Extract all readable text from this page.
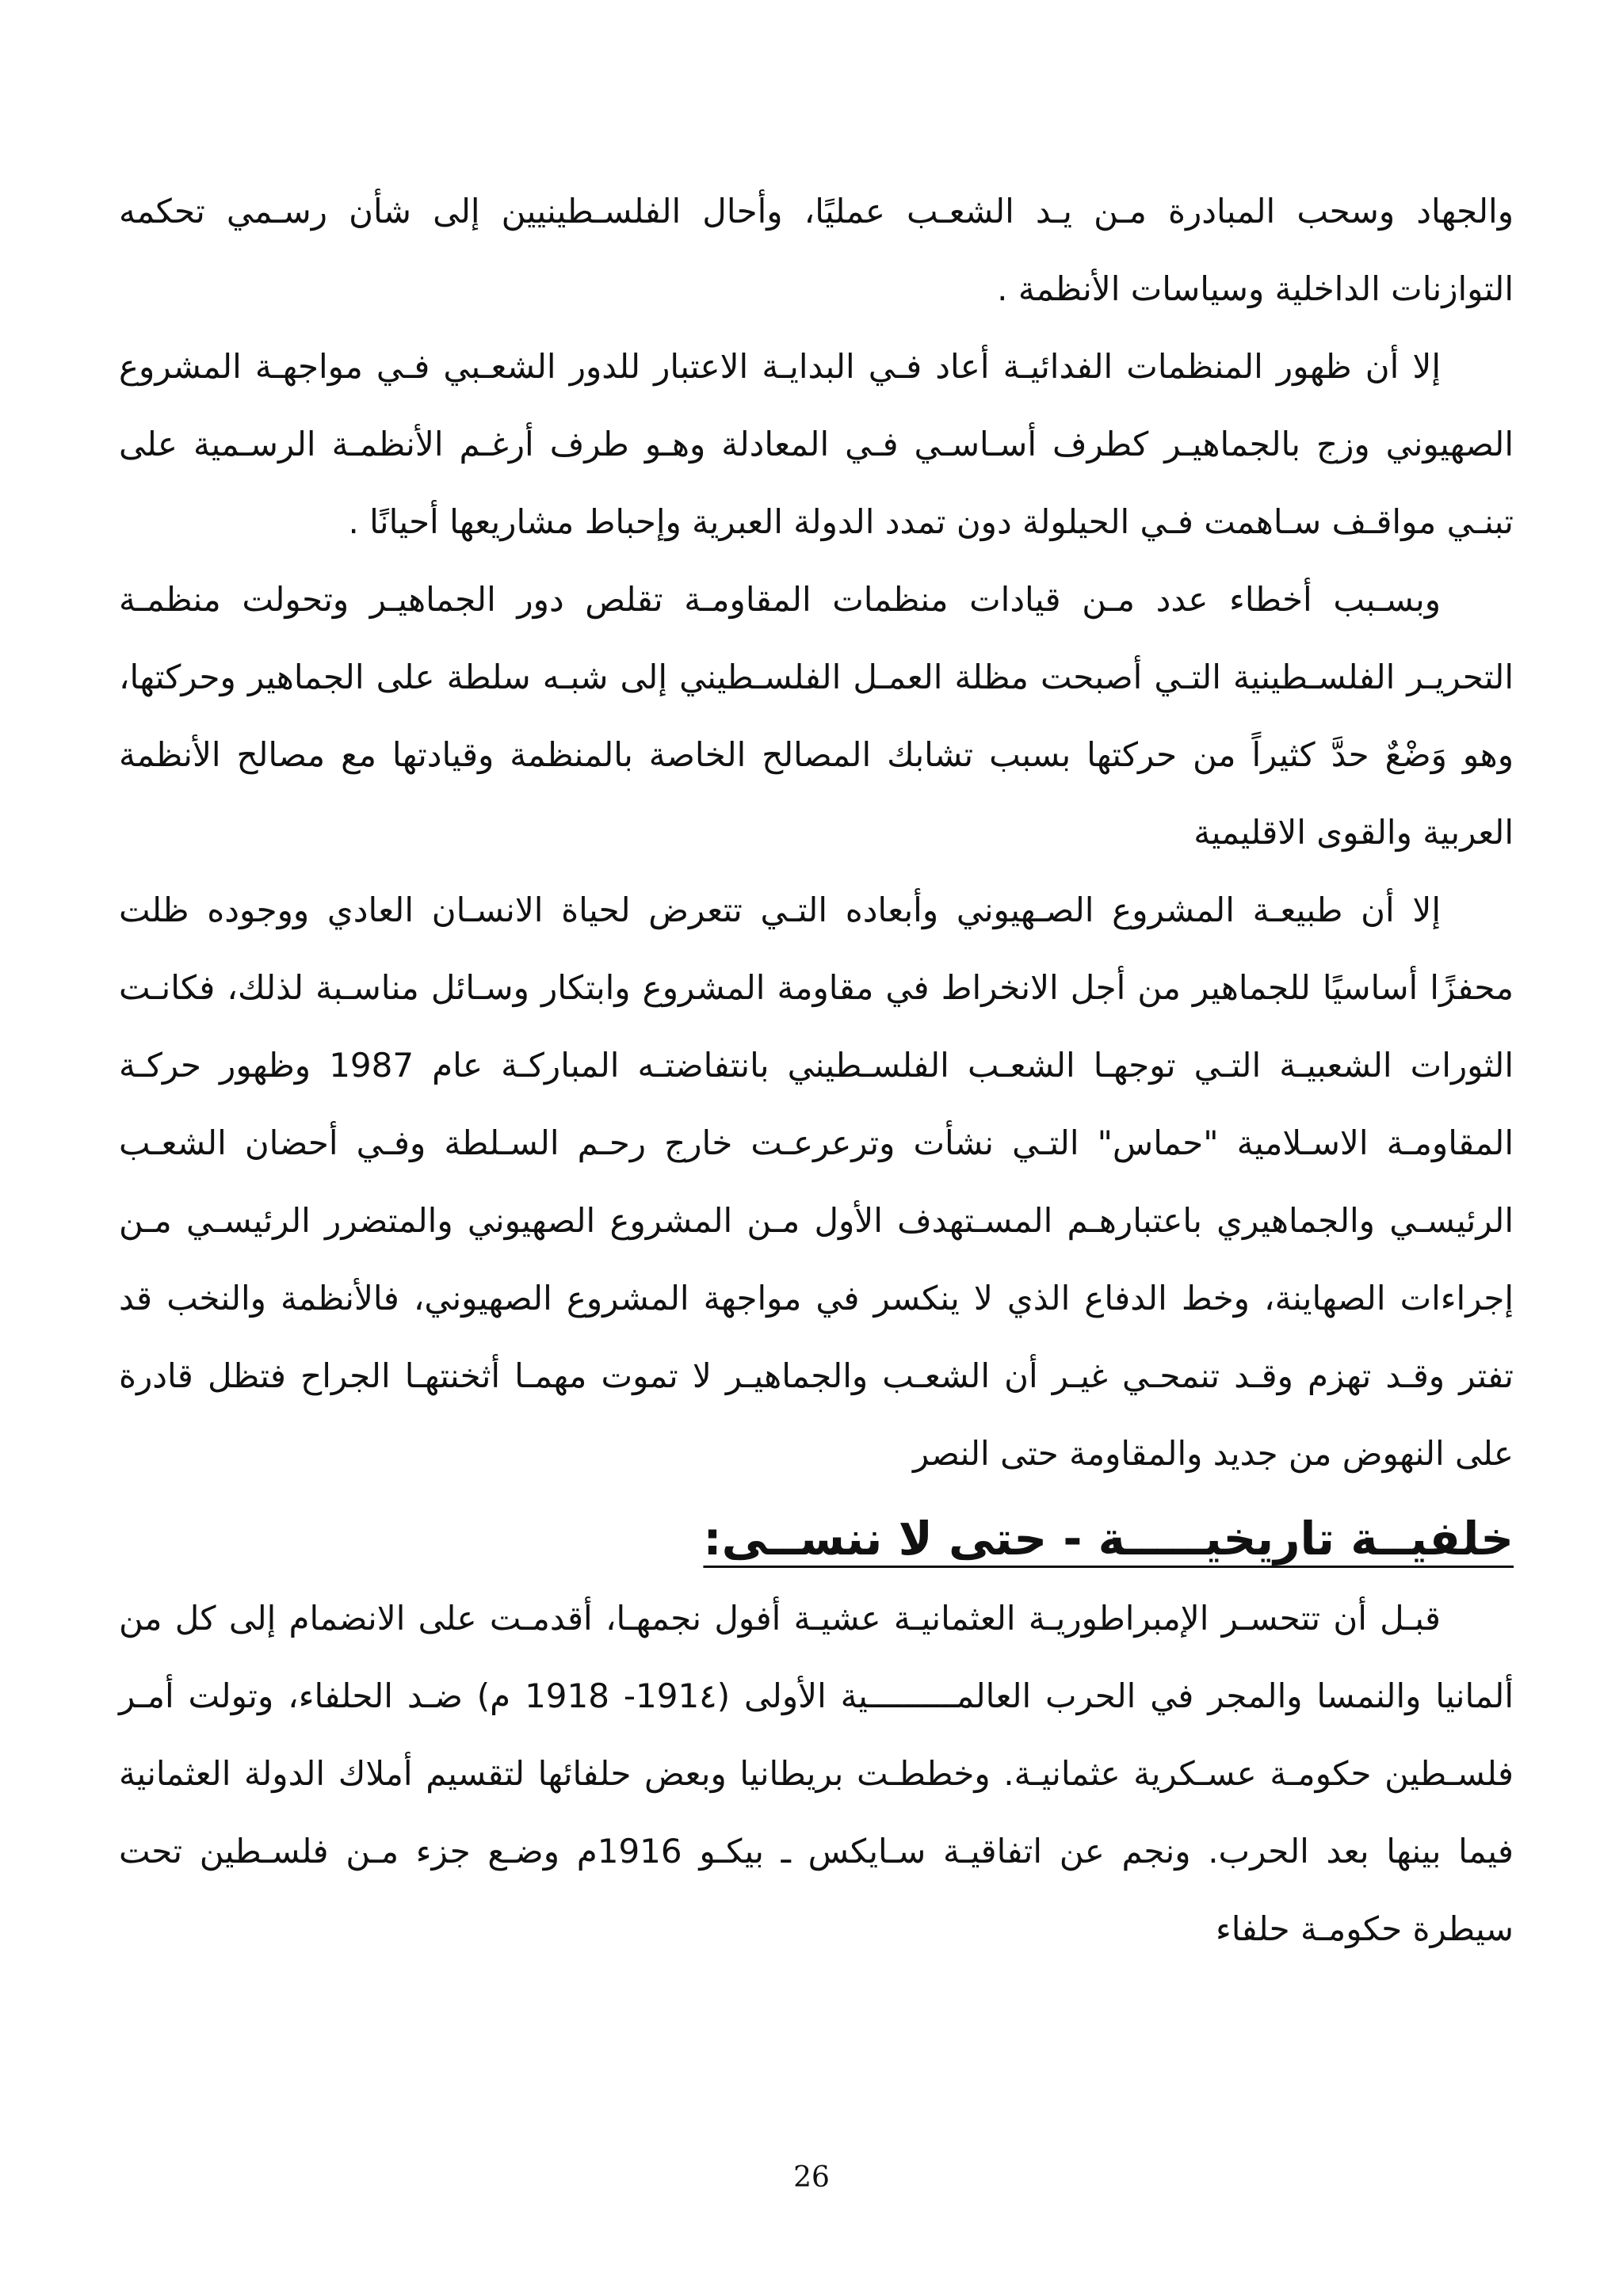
والجهاد وسحب المبادرة مـن يـد الشعـب عمليًا، وأحال الفلسـطينيين إلى شأن رسـمي تحكمه التوازنات الداخلية وسياسات الأنظمة .

إلا أن ظهور المنظمات الفدائيـة أعاد فـي البدايـة الاعتبار للدور الشعـبي فـي مواجهـة المشروع الصهيوني وزج بالجماهيـر كطرف أسـاسـي فـي المعادلة وهـو طرف أرغـم الأنظمـة الرسـمية على تبنـي مواقـف سـاهمت فـي الحيلولة دون تمدد الدولة العبرية وإحباط مشاريعها أحيانًا .

وبسـبب أخطاء عدد مـن قيادات منظمات المقاومـة تقلص دور الجماهيـر وتحولت منظمـة التحريـر الفلسـطينية التـي أصبحت مظلة العمـل الفلسـطيني إلى شبـه سلطة على الجماهير وحركتها، وهو وَضْعٌ حدَّ كثيراً من حركتها بسبب تشابك المصالح الخاصة بالمنظمة وقيادتها مع مصالح الأنظمة العربية والقوى الاقليمية

إلا أن طبيعـة المشروع الصـهيوني وأبعاده التـي تتعرض لحياة الانسـان العادي ووجوده ظلت محفزًا أساسيًا للجماهير من أجل الانخراط في مقاومة المشروع وابتكار وسـائل مناسـبة لذلك، فكانـت الثورات الشعبيـة التـي توجهـا الشعـب الفلسـطيني بانتفاضتـه المباركـة عام 1987 وظهور حركـة المقاومـة الاسـلامية "حماس" التـي نشأت وترعرعـت خارج رحـم السـلطة وفـي أحضان الشعـب الرئيسـي والجماهيري باعتبارهـم المسـتهدف الأول مـن المشروع الصهيوني والمتضرر الرئيسـي مـن إجراءات الصهاينة، وخط الدفاع الذي لا ينكسر في مواجهة المشروع الصهيوني، فالأنظمة والنخب قد تفتر وقـد تهزم وقـد تنمحـي غيـر أن الشعـب والجماهيـر لا تموت مهمـا أثخنتهـا الجراح فتظل قادرة على النهوض من جديد والمقاومة حتى النصر

خلفيــة تاريخيـــــة - حتى لا ننســى:

قبـل أن تتحسـر الإمبراطوريـة العثمانيـة عشيـة أفول نجمهـا، أقدمـت على الانضمام إلى كل من ألمانيا والنمسا والمجر في الحرب العالمـــــــــية الأولى (191٤- 1918 م) ضـد الحلفاء، وتولت أمـر فلسـطين حكومـة عسـكرية عثمانيـة. وخططـت بريطانيا وبعض حلفائها لتقسيم أملاك الدولة العثمانية فيما بينها بعد الحرب. ونجم عن اتفاقيـة سـايكس ـ بيكـو 1916م وضـع جزء مـن فلسـطين تحت سيطرة حكومـة حلفاء

26
